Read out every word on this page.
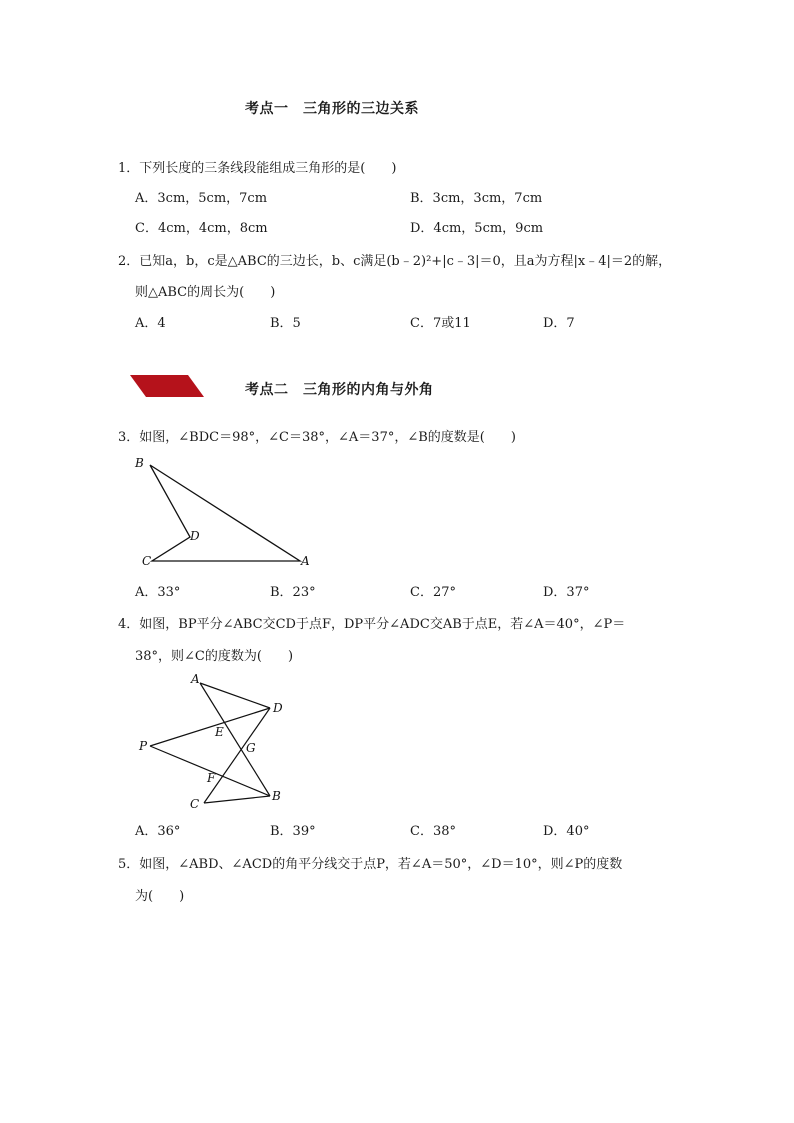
考点一　三角形的三边关系
1．下列长度的三条线段能组成三角形的是(　　)
A．3cm，5cm，7cm	B．3cm，3cm，7cm
C．4cm，4cm，8cm	D．4cm，5cm，9cm
2．已知a，b，c是△ABC的三边长，b、c满足(b﹣2)²+|c﹣3|＝0，且a为方程|x﹣4|＝2的解，
则△ABC的周长为(　　)
A．4	B．5	C．7或11	D．7
考点二　三角形的内角与外角
3．如图，∠BDC＝98°，∠C＝38°，∠A＝37°，∠B的度数是(　　)
B
D
C	A
A．33°	B．23°	C．27°	D．37°
4．如图，BP平分∠ABC交CD于点F，DP平分∠ADC交AB于点E，若∠A＝40°，∠P＝
38°，则∠C的度数为(　　)
A
D
E
G
P
F
C
B
A．36°	B．39°	C．38°	D．40°
5．如图，∠ABD、∠ACD的角平分线交于点P，若∠A＝50°，∠D＝10°，则∠P的度数
为(　　)
